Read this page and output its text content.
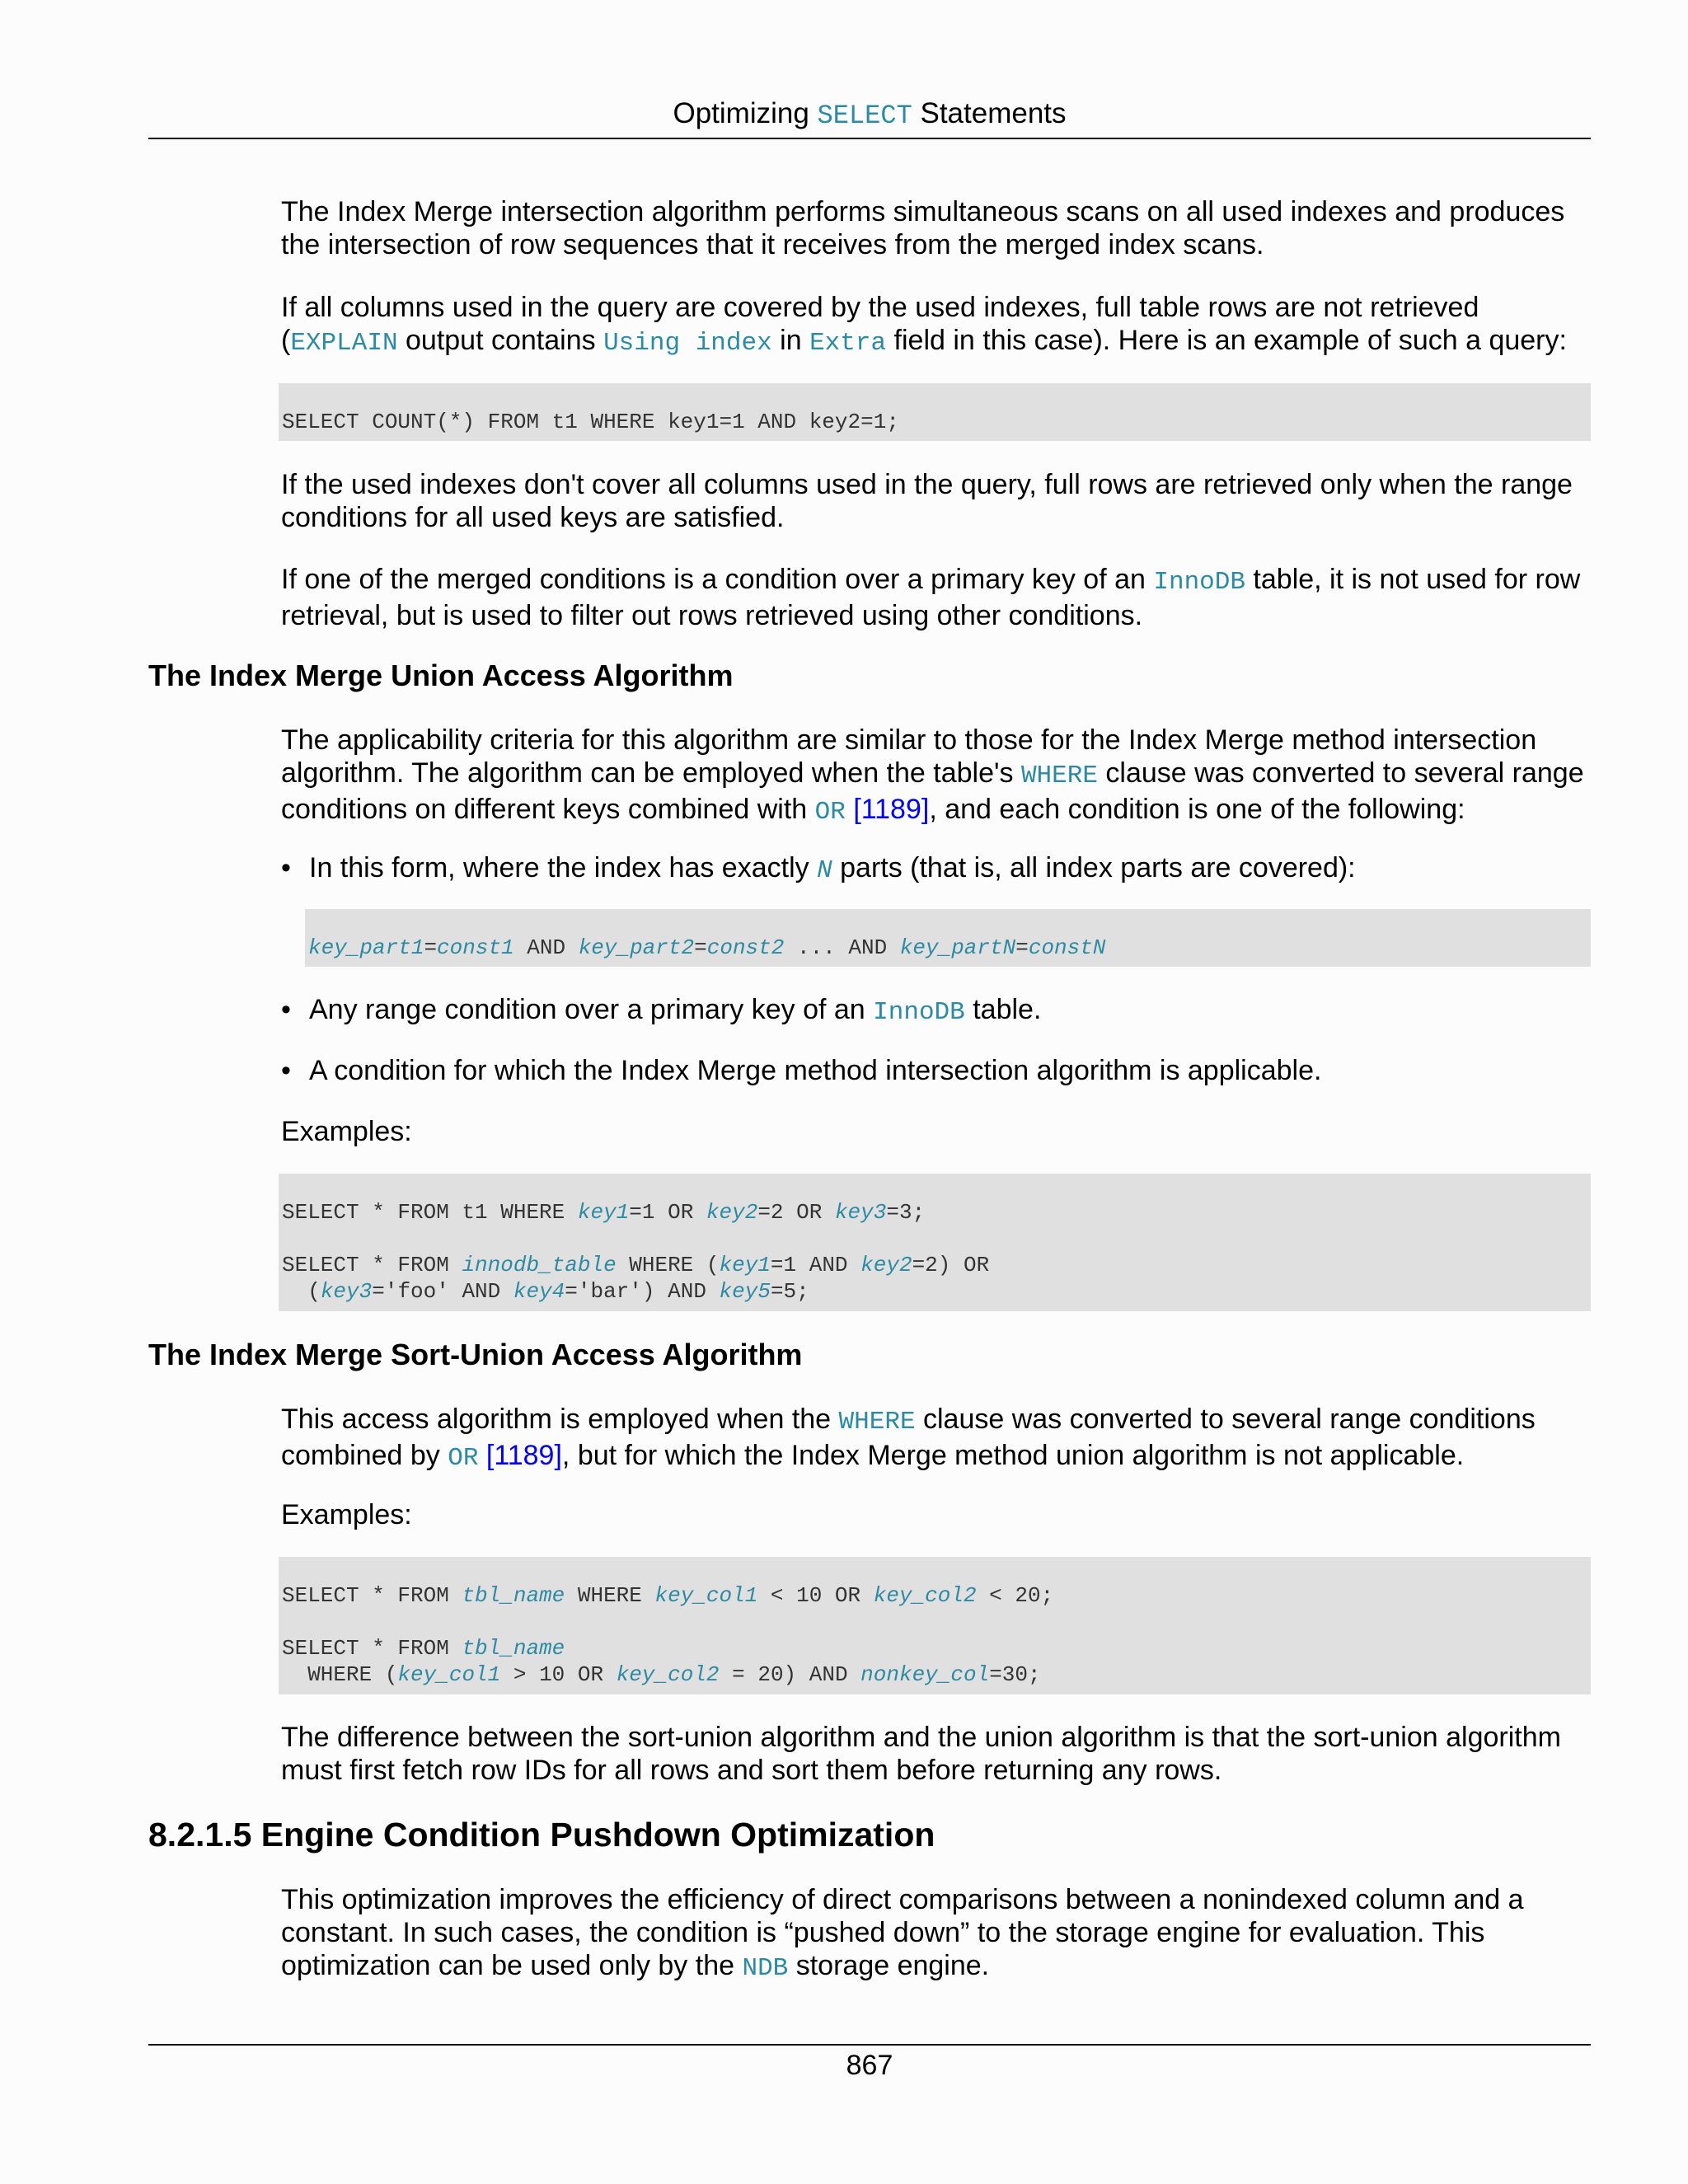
Optimizing SELECT Statements

The Index Merge intersection algorithm performs simultaneous scans on all used indexes and produces the intersection of row sequences that it receives from the merged index scans.

If all columns used in the query are covered by the used indexes, full table rows are not retrieved (EXPLAIN output contains Using index in Extra field in this case). Here is an example of such a query:

SELECT COUNT(*) FROM t1 WHERE key1=1 AND key2=1;

If the used indexes don't cover all columns used in the query, full rows are retrieved only when the range conditions for all used keys are satisfied.

If one of the merged conditions is a condition over a primary key of an InnoDB table, it is not used for row retrieval, but is used to filter out rows retrieved using other conditions.

The Index Merge Union Access Algorithm

The applicability criteria for this algorithm are similar to those for the Index Merge method intersection algorithm. The algorithm can be employed when the table's WHERE clause was converted to several range conditions on different keys combined with OR [1189], and each condition is one of the following:

• In this form, where the index has exactly N parts (that is, all index parts are covered):
key_part1=const1 AND key_part2=const2 ... AND key_partN=constN
• Any range condition over a primary key of an InnoDB table.
• A condition for which the Index Merge method intersection algorithm is applicable.

Examples:

SELECT * FROM t1 WHERE key1=1 OR key2=2 OR key3=3;

SELECT * FROM innodb_table WHERE (key1=1 AND key2=2) OR
(key3='foo' AND key4='bar') AND key5=5;
The Index Merge Sort-Union Access Algorithm

This access algorithm is employed when the WHERE clause was converted to several range conditions combined by OR [1189], but for which the Index Merge method union algorithm is not applicable.

Examples:

SELECT * FROM tbl_name WHERE key_col1 < 10 OR key_col2 < 20;

SELECT * FROM tbl_name
WHERE (key_col1 > 10 OR key_col2 = 20) AND nonkey_col=30;

The difference between the sort-union algorithm and the union algorithm is that the sort-union algorithm must first fetch row IDs for all rows and sort them before returning any rows.

8.2.1.5 Engine Condition Pushdown Optimization

This optimization improves the efficiency of direct comparisons between a nonindexed column and a constant. In such cases, the condition is “pushed down” to the storage engine for evaluation. This optimization can be used only by the NDB storage engine.

867
